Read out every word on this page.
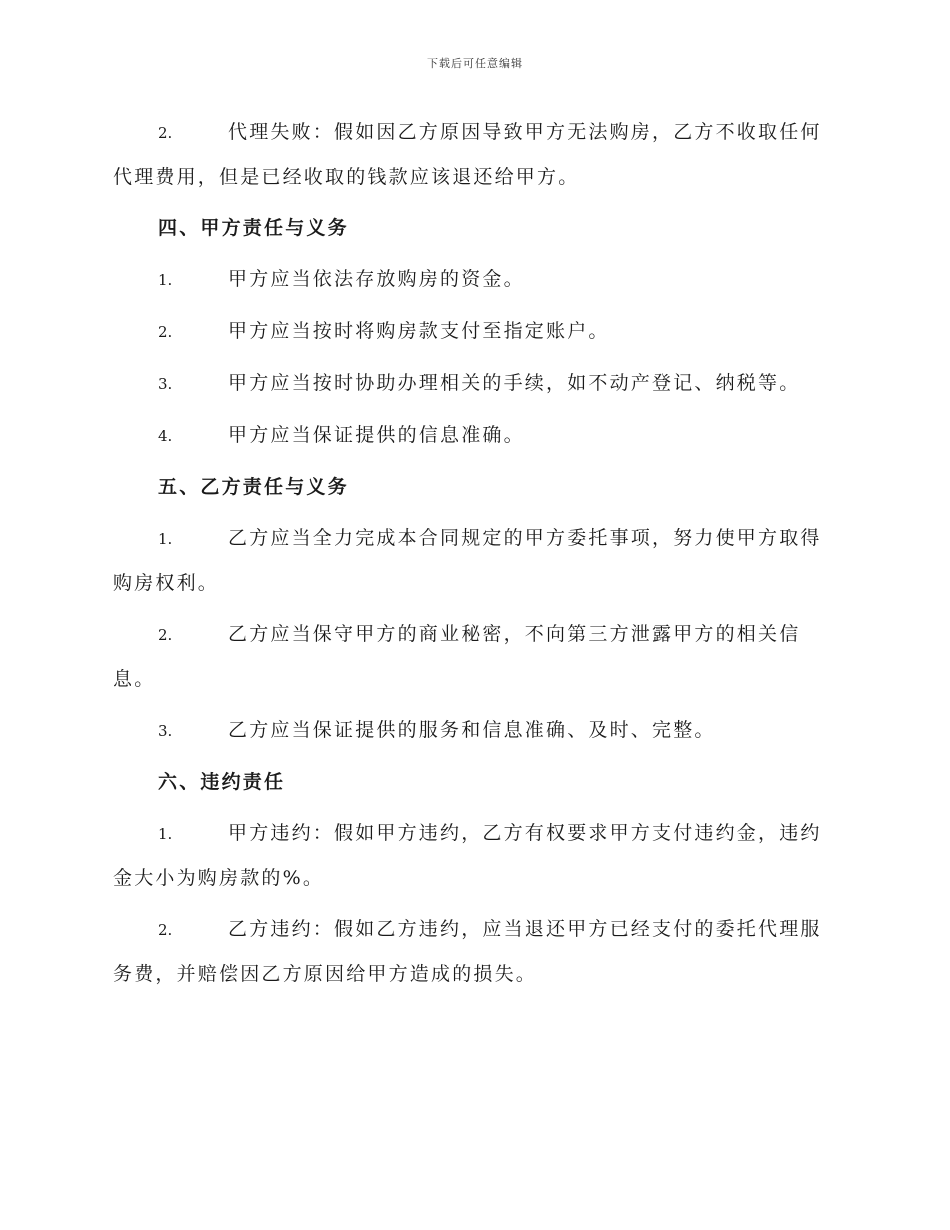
下载后可任意编辑

2.	代理失败：假如因乙方原因导致甲方无法购房，乙方不收取任何代理费用，但是已经收取的钱款应该退还给甲方。

四、甲方责任与义务

1.	甲方应当依法存放购房的资金。

2.	甲方应当按时将购房款支付至指定账户。

3.	甲方应当按时协助办理相关的手续，如不动产登记、纳税等。

4.	甲方应当保证提供的信息准确。

五、乙方责任与义务

1.	乙方应当全力完成本合同规定的甲方委托事项，努力使甲方取得购房权利。

2.	乙方应当保守甲方的商业秘密，不向第三方泄露甲方的相关信息。

3.	乙方应当保证提供的服务和信息准确、及时、完整。

六、违约责任

1.	甲方违约：假如甲方违约，乙方有权要求甲方支付违约金，违约金大小为购房款的%。

2.	乙方违约：假如乙方违约，应当退还甲方已经支付的委托代理服务费，并赔偿因乙方原因给甲方造成的损失。
